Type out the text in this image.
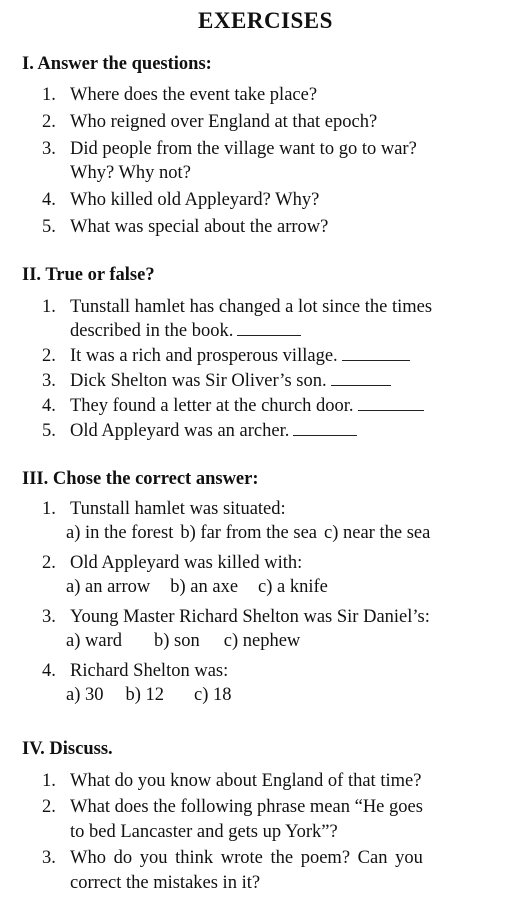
EXERCISES
I. Answer the questions:
1. Where does the event take place?
2. Who reigned over England at that epoch?
3. Did people from the village want to go to war?
Why? Why not?
4. Who killed old Appleyard? Why?
5. What was special about the arrow?
II. True or false?
1. Tunstall hamlet has changed a lot since the times
described in the book.
2. It was a rich and prosperous village.
3. Dick Shelton was Sir Oliver’s son.
4. They found a letter at the church door.
5. Old Appleyard was an archer.
III. Chose the correct answer:
1. Tunstall hamlet was situated:
a) in the forest b) far from the sea c) near the sea
2. Old Appleyard was killed with:
a) an arrow b) an axe c) a knife
3. Young Master Richard Shelton was Sir Daniel’s:
a) ward b) son c) nephew
4. Richard Shelton was:
a) 30 b) 12 c) 18
IV. Discuss.
1. What do you know about England of that time?
2. What does the following phrase mean “He goes
to bed Lancaster and gets up York”?
3. Who do you think wrote the poem? Can you
correct the mistakes in it?
